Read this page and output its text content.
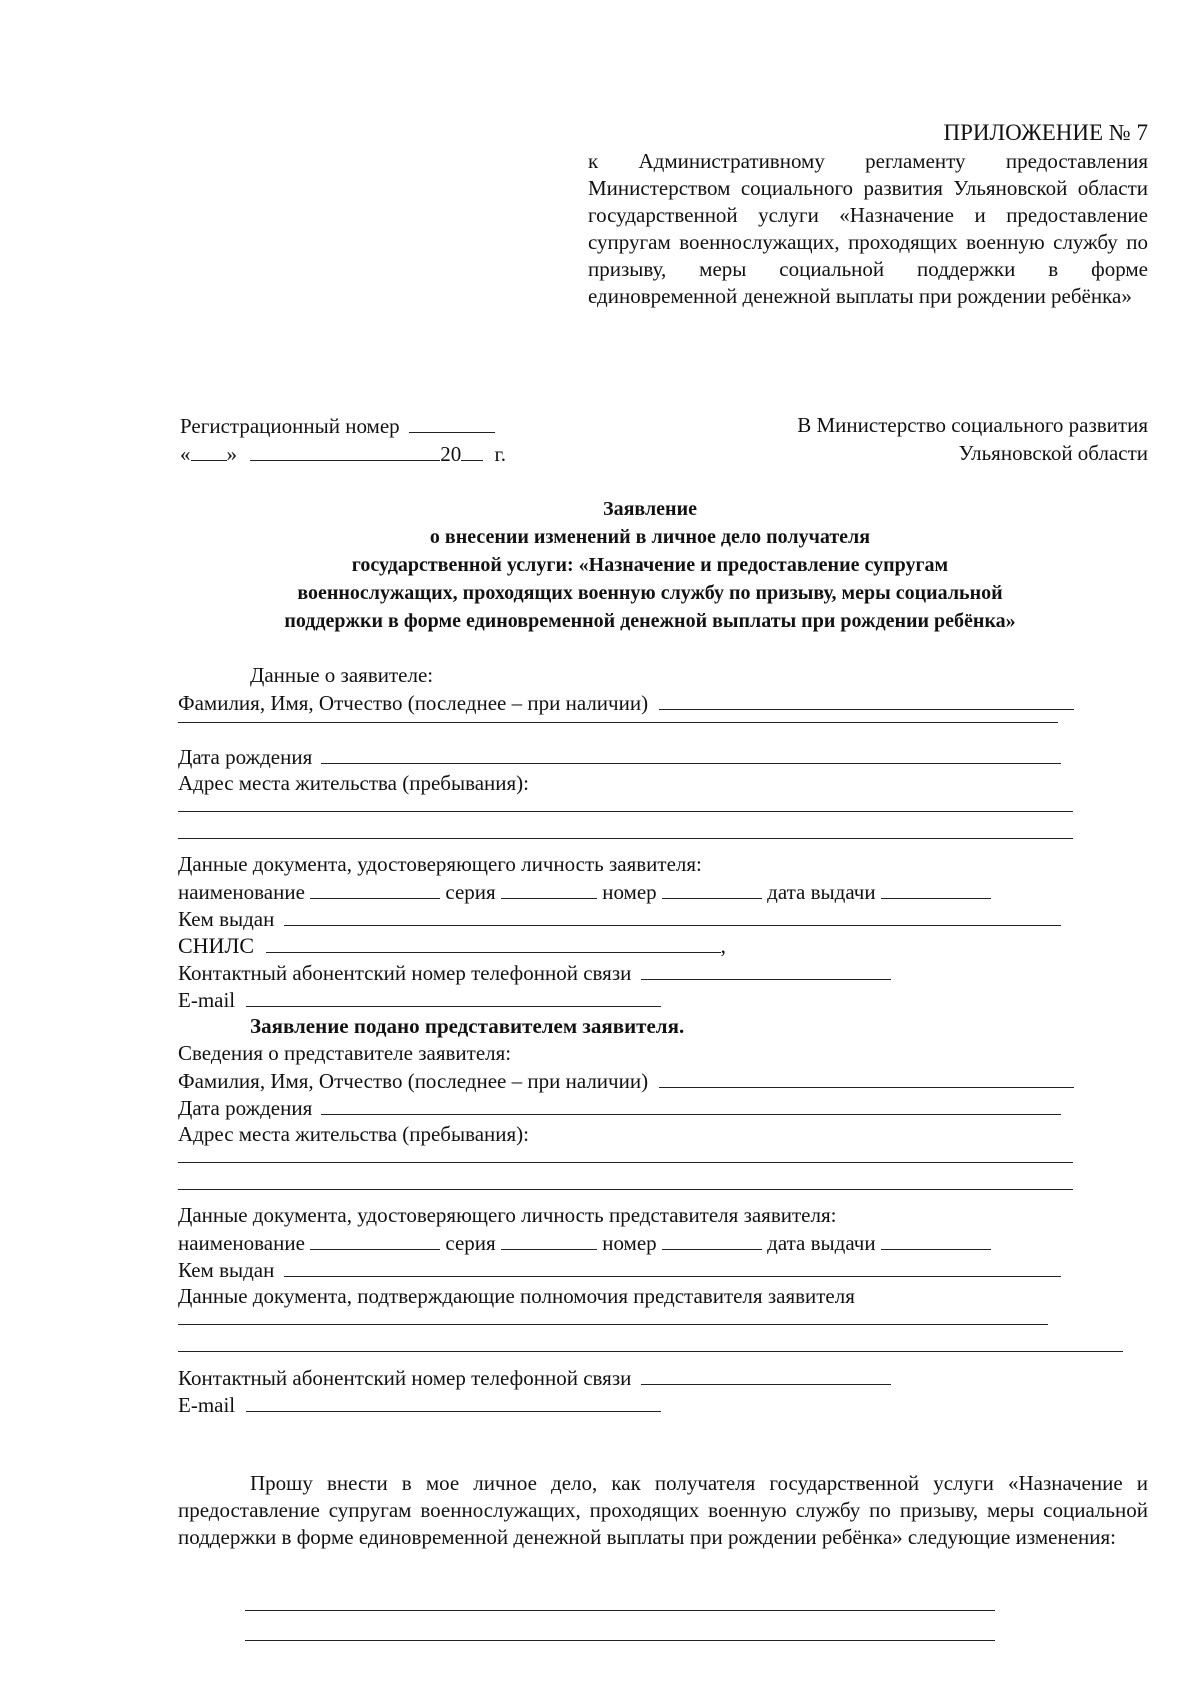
ПРИЛОЖЕНИЕ № 7
к Административному регламенту предоставления Министерством социального развития Ульяновской области государственной услуги «Назначение и предоставление супругам военнослужащих, проходящих военную службу по призыву, меры социальной поддержки в форме единовременной денежной выплаты при рождении ребёнка»
Регистрационный номер
« »	20 г.
В Министерство социального развития
Ульяновской области
Заявление
о внесении изменений в личное дело получателя
государственной услуги: «Назначение и предоставление супругам
военнослужащих, проходящих военную службу по призыву, меры социальной
поддержки в форме единовременной денежной выплаты при рождении ребёнка»
Данные о заявителе:
Фамилия, Имя, Отчество (последнее – при наличии)
Дата рождения
Адрес места жительства (пребывания):
Данные документа, удостоверяющего личность заявителя:
наименование	серия	номер	дата выдачи
Кем выдан
СНИЛС	,
Контактный абонентский номер телефонной связи
E-mail
Заявление подано представителем заявителя.
Сведения о представителе заявителя:
Фамилия, Имя, Отчество (последнее – при наличии)
Дата рождения
Адрес места жительства (пребывания):
Данные документа, удостоверяющего личность представителя заявителя:
наименование	серия	номер	дата выдачи
Кем выдан
Данные документа, подтверждающие полномочия представителя заявителя
Контактный абонентский номер телефонной связи
E-mail
Прошу внести в мое личное дело, как получателя государственной услуги «Назначение и предоставление супругам военнослужащих, проходящих военную службу по призыву, меры социальной поддержки в форме единовременной денежной выплаты при рождении ребёнка» следующие изменения:
